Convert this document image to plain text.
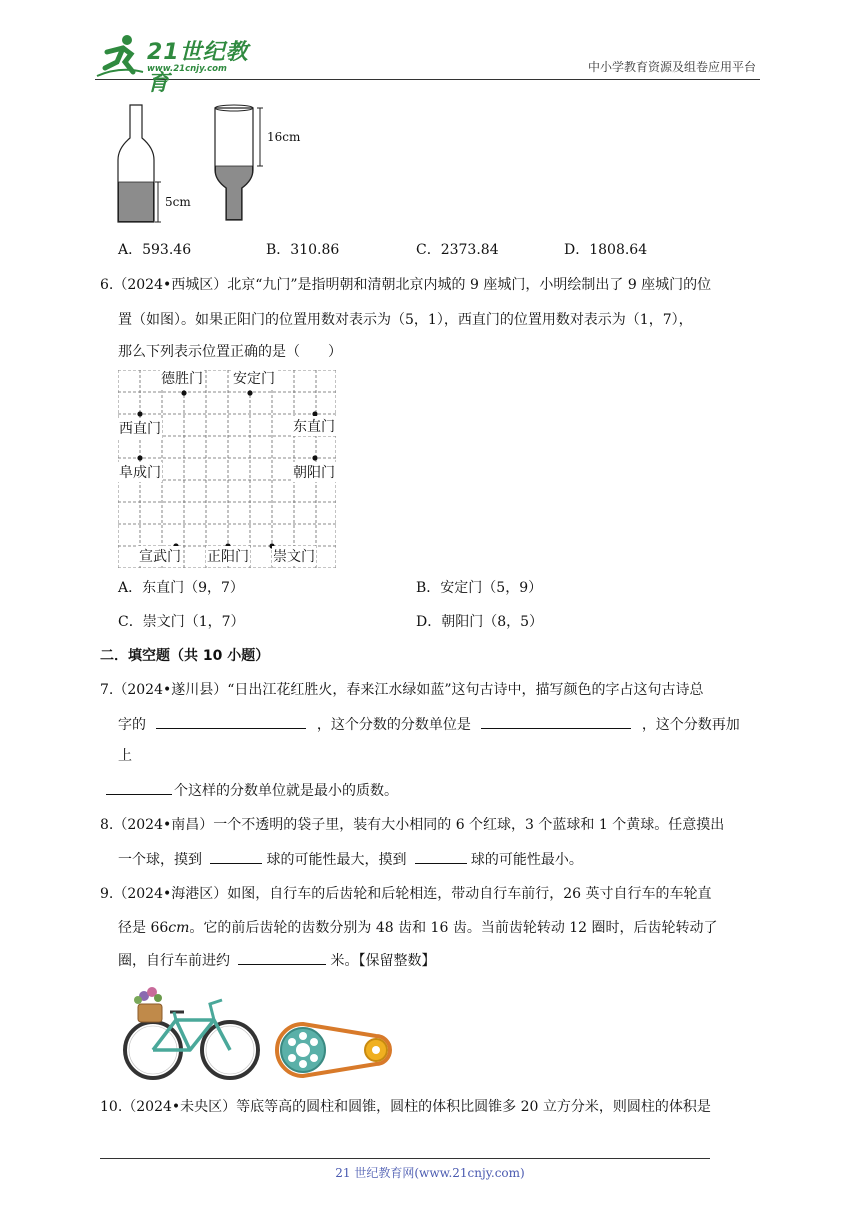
21世纪教育
www.21cnjy.com	中小学教育资源及组卷应用平台
5cm
16cm
A．593.46	B．310.86	C．2373.84	D．1808.64
6.（2024•西城区）北京“九门”是指明朝和清朝北京内城的 9 座城门，小明绘制出了 9 座城门的位
置（如图）。如果正阳门的位置用数对表示为（5，1），西直门的位置用数对表示为（1，7），
那么下列表示位置正确的是（　　）
德胜门 安定门
西直门	东直门
阜成门	朝阳门
宣武门 正阳门 崇文门
A．东直门（9，7）	B．安定门（5，9）
C．崇文门（1，7）	D．朝阳门（8，5）
二．填空题（共 10 小题）
7.（2024•遂川县）“日出江花红胜火，春来江水绿如蓝”这句古诗中，描写颜色的字占这句古诗总
字的	，这个分数的分数单位是	，这个分数再加
上
个这样的分数单位就是最小的质数。
8.（2024•南昌）一个不透明的袋子里，装有大小相同的 6 个红球，3 个蓝球和 1 个黄球。任意摸出
一个球，摸到	球的可能性最大，摸到	球的可能性最小。
9.（2024•海港区）如图，自行车的后齿轮和后轮相连，带动自行车前行，26 英寸自行车的车轮直
径是 66cm。它的前后齿轮的齿数分别为 48 齿和 16 齿。当前齿轮转动 12 圈时，后齿轮转动了
圈，自行车前进约	米。【保留整数】
10.（2024•未央区）等底等高的圆柱和圆锥，圆柱的体积比圆锥多 20 立方分米，则圆柱的体积是
21 世纪教育网(www.21cnjy.com)
